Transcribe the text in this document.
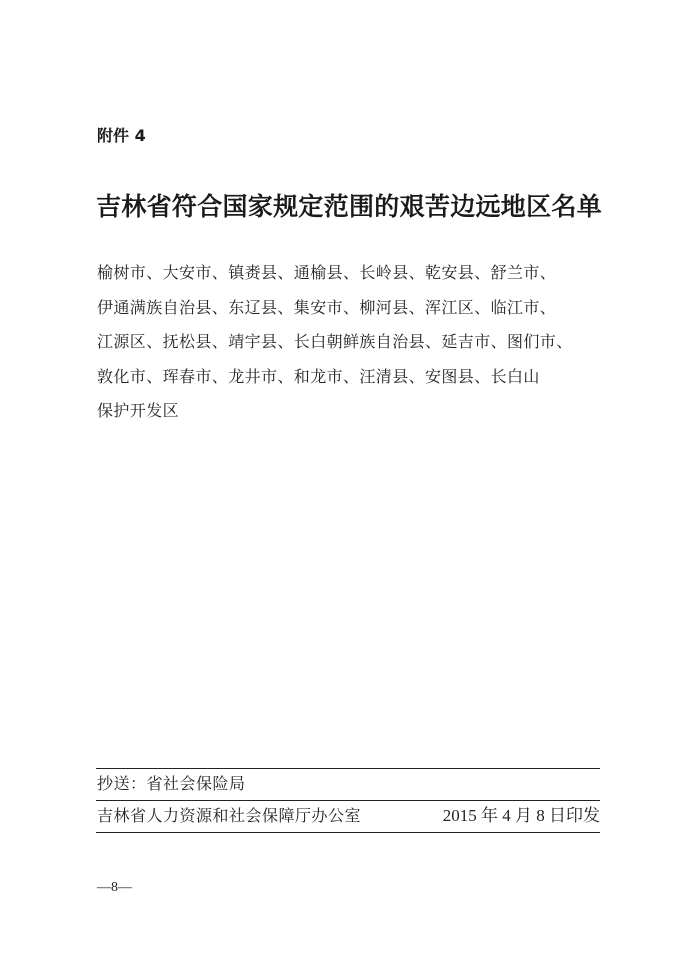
附件 4
吉林省符合国家规定范围的艰苦边远地区名单
榆树市、大安市、镇赉县、通榆县、长岭县、乾安县、舒兰市、
伊通满族自治县、东辽县、集安市、柳河县、浑江区、临江市、
江源区、抚松县、靖宇县、长白朝鲜族自治县、延吉市、图们市、
敦化市、珲春市、龙井市、和龙市、汪清县、安图县、长白山
保护开发区
抄送：省社会保险局
吉林省人力资源和社会保障厅办公室	2015 年 4 月 8 日印发
—8—
